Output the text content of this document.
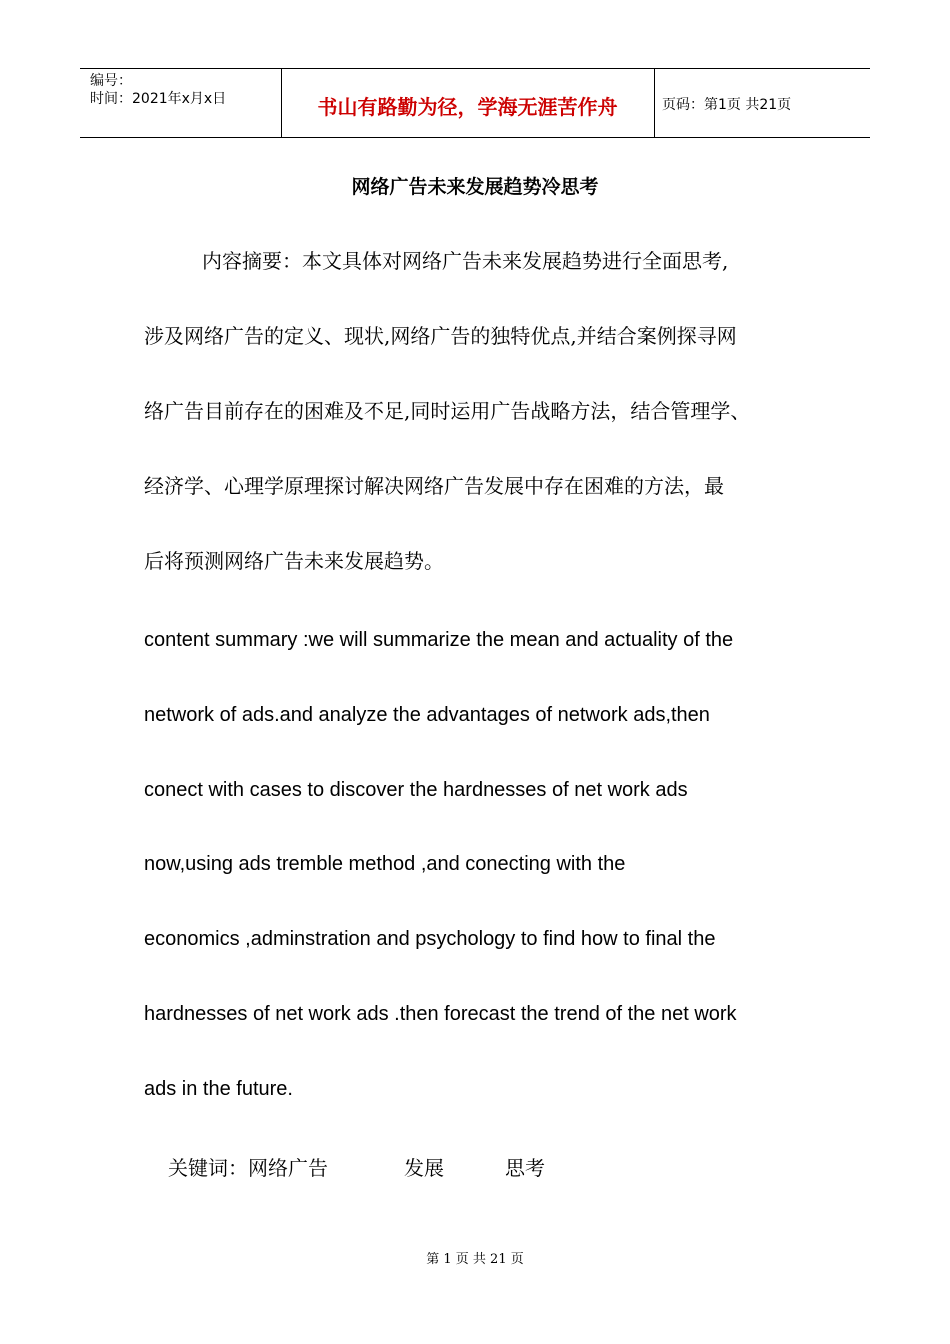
编号：
时间：2021年x月x日	书山有路勤为径，学海无涯苦作舟	页码：第1页 共21页
网络广告未来发展趋势冷思考
内容摘要：本文具体对网络广告未来发展趋势进行全面思考,
涉及网络广告的定义、现状,网络广告的独特优点,并结合案例探寻网
络广告目前存在的困难及不足,同时运用广告战略方法，结合管理学、
经济学、心理学原理探讨解决网络广告发展中存在困难的方法，最
后将预测网络广告未来发展趋势。
content summary :we will summarize the mean and actuality of the
network of ads.and analyze the advantages of network ads,then
conect with cases to discover the hardnesses of net work ads
now,using ads tremble method ,and conecting with the
economics ,adminstration and psychology to find how to final the
hardnesses of net work ads .then forecast the trend of the net work
ads in the future.
关键词：网络广告	发展	思考
第 1 页 共 21 页
